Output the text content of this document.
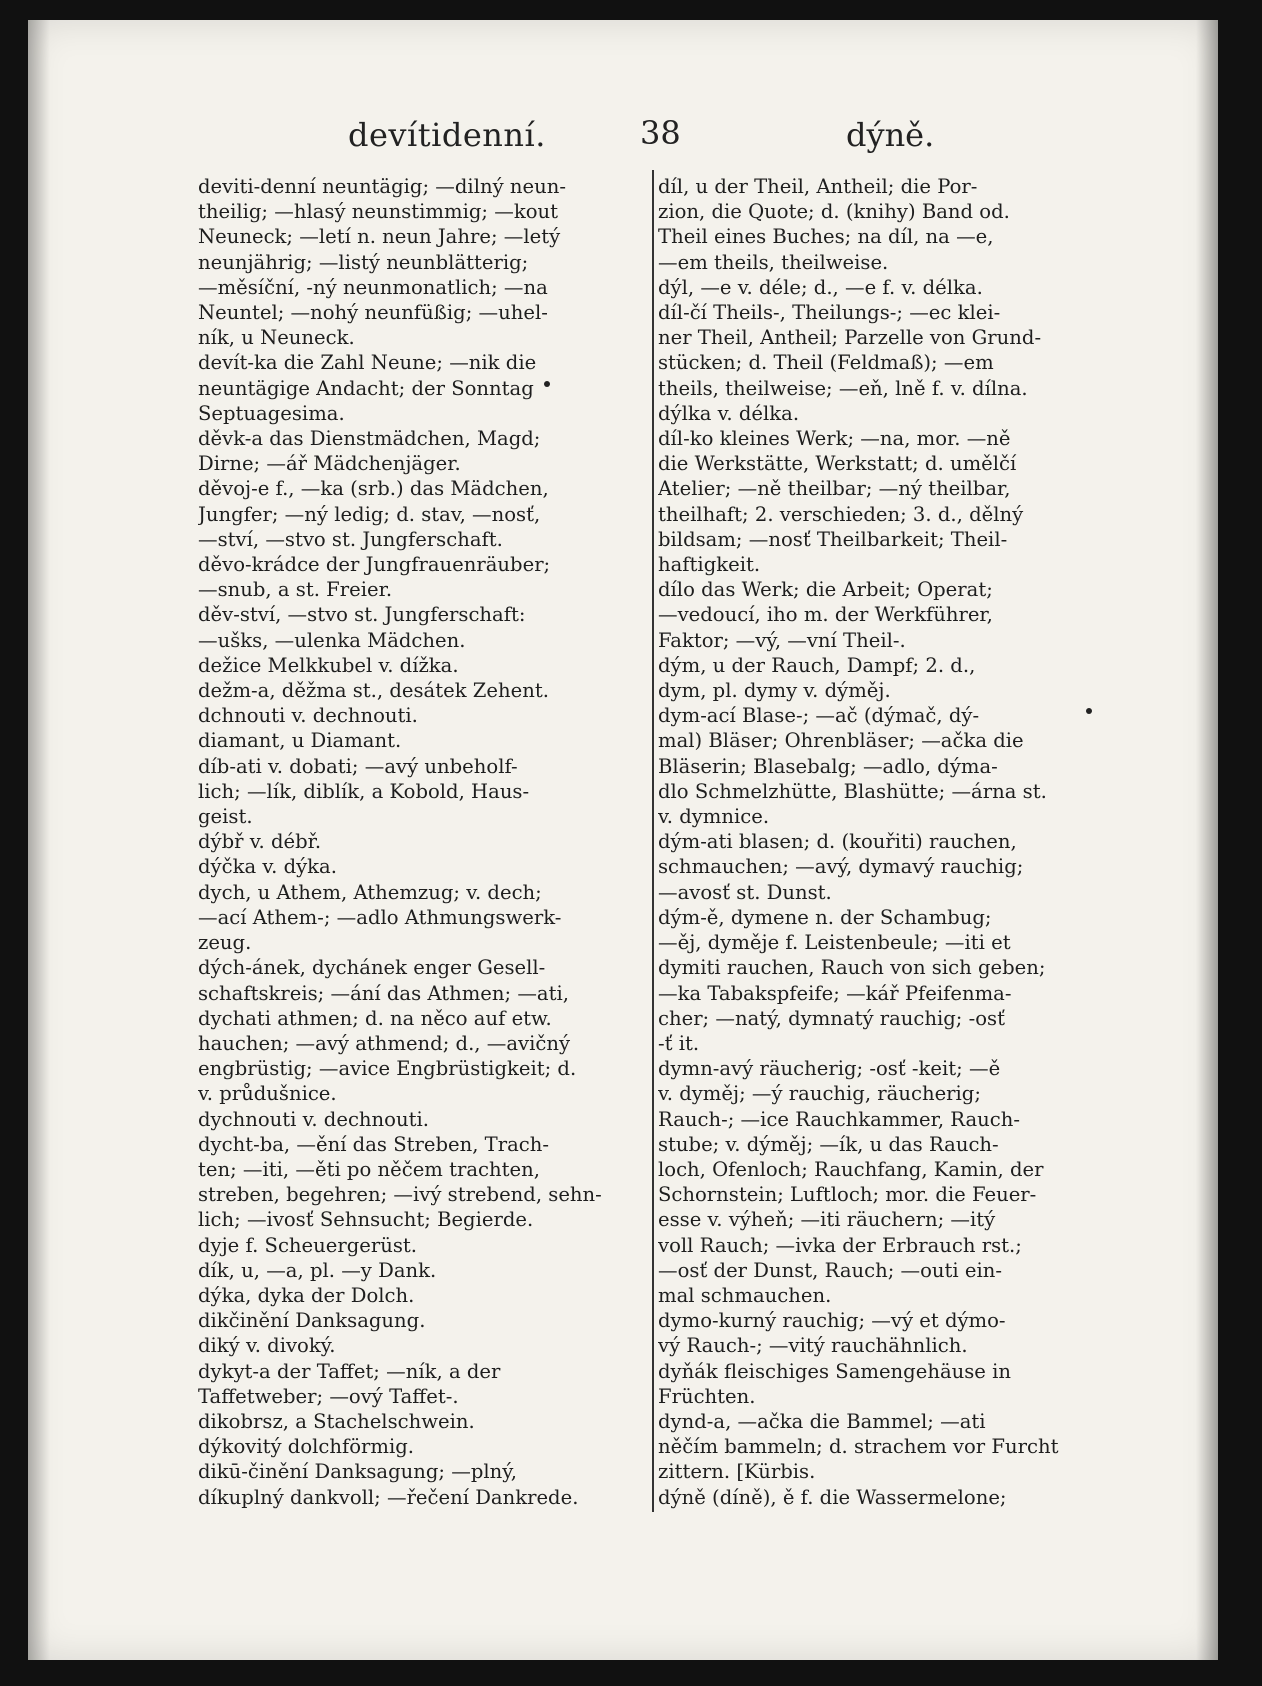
devítidenní.	38	dýně.
deviti-denní neuntägig; —dilný neun-
theilig; —hlasý neunstimmig; —kout
Neuneck; —letí n. neun Jahre; —letý
neunjährig; —listý neunblätterig;
—měsíční, -ný neunmonatlich; —na
Neuntel; —nohý neunfüßig; —uhel-
ník, u Neuneck.
devít-ka die Zahl Neune; —nik die
neuntägige Andacht; der Sonntag
Septuagesima.
děvk-a das Dienstmädchen, Magd;
Dirne; —ář Mädchenjäger.
děvoj-e f., —ka (srb.) das Mädchen,
Jungfer; —ný ledig; d. stav, —nosť,
—ství, —stvo st. Jungferschaft.
děvo-krádce der Jungfrauenräuber;
—snub, a st. Freier.
děv-ství, —stvo st. Jungferschaft:
—ušks, —ulenka Mädchen.
dežice Melkkubel v. dížka.
dežm-a, děžma st., desátek Zehent.
dchnouti v. dechnouti.
diamant, u Diamant.
díb-ati v. dobati; —avý unbeholf-
lich; —lík, diblík, a Kobold, Haus-
geist.
dýbř v. débř.
dýčka v. dýka.
dych, u Athem, Athemzug; v. dech;
—ací Athem-; —adlo Athmungswerk-
zeug.
dých-ánek, dychánek enger Gesell-
schaftskreis; —ání das Athmen; —ati,
dychati athmen; d. na něco auf etw.
hauchen; —avý athmend; d., —avičný
engbrüstig; —avice Engbrüstigkeit; d.
v. průdušnice.
dychnouti v. dechnouti.
dycht-ba, —ění das Streben, Trach-
ten; —iti, —ěti po něčem trachten,
streben, begehren; —ivý strebend, sehn-
lich; —ivosť Sehnsucht; Begierde.
dyje f. Scheuergerüst.
dík, u, —a, pl. —y Dank.
dýka, dyka der Dolch.
dikčinění Danksagung.
diký v. divoký.
dykyt-a der Taffet; —ník, a der
Taffetweber; —ový Taffet-.
dikobrsz, a Stachelschwein.
dýkovitý dolchförmig.
dikū-činění Danksagung; —plný,
díkuplný dankvoll; —řečení Dankrede.
díl, u der Theil, Antheil; die Por-
zion, die Quote; d. (knihy) Band od.
Theil eines Buches; na díl, na —e,
—em theils, theilweise.
dýl, —e v. déle; d., —e f. v. délka.
díl-čí Theils-, Theilungs-; —ec klei-
ner Theil, Antheil; Parzelle von Grund-
stücken; d. Theil (Feldmaß); —em
theils, theilweise; —eň, lně f. v. dílna.
dýlka v. délka.
díl-ko kleines Werk; —na, mor. —ně
die Werkstätte, Werkstatt; d. umělčí
Atelier; —ně theilbar; —ný theilbar,
theilhaft; 2. verschieden; 3. d., dělný
bildsam; —nosť Theilbarkeit; Theil-
haftigkeit.
dílo das Werk; die Arbeit; Operat;
—vedoucí, iho m. der Werkführer,
Faktor; —vý, —vní Theil-.
dým, u der Rauch, Dampf; 2. d.,
dym, pl. dymy v. dýměj.
dym-ací Blase-; —ač (dýmač, dý-
mal) Bläser; Ohrenbläser; —ačka die
Bläserin; Blasebalg; —adlo, dýma-
dlo Schmelzhütte, Blashütte; —árna st.
v. dymnice.
dým-ati blasen; d. (kouřiti) rauchen,
schmauchen; —avý, dymavý rauchig;
—avosť st. Dunst.
dým-ě, dymene n. der Schambug;
—ěj, dyměje f. Leistenbeule; —iti et
dymiti rauchen, Rauch von sich geben;
—ka Tabakspfeife; —kář Pfeifenma-
cher; —natý, dymnatý rauchig; -osť
-ť it.
dymn-avý räucherig; -osť -keit; —ě
v. dyměj; —ý rauchig, räucherig;
Rauch-; —ice Rauchkammer, Rauch-
stube; v. dýměj; —ík, u das Rauch-
loch, Ofenloch; Rauchfang, Kamin, der
Schornstein; Luftloch; mor. die Feuer-
esse v. výheň; —iti räuchern; —itý
voll Rauch; —ivka der Erbrauch rst.;
—osť der Dunst, Rauch; —outi ein-
mal schmauchen.
dymo-kurný rauchig; —vý et dýmo-
vý Rauch-; —vitý rauchähnlich.
dyňák fleischiges Samengehäuse in
Früchten.
dynd-a, —ačka die Bammel; —ati
něčím bammeln; d. strachem vor Furcht
zittern. [Kürbis.
dýně (díně), ě f. die Wassermelone;
